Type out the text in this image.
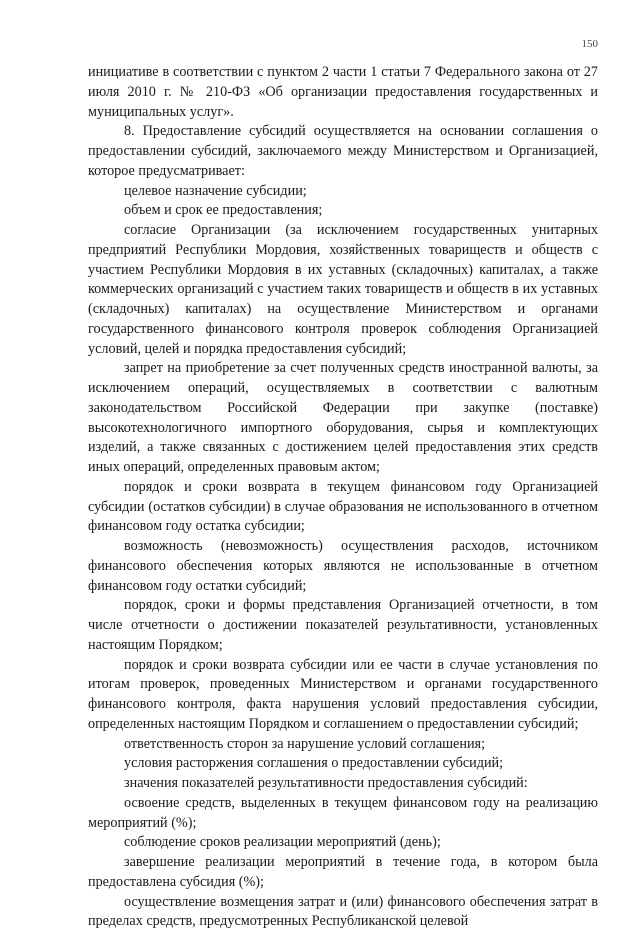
150

инициативе в соответствии с пунктом 2 части 1 статьи 7 Федерального закона от 27 июля 2010 г. № 210-ФЗ «Об организации предоставления государственных и муниципальных услуг».

8. Предоставление субсидий осуществляется на основании соглашения о предоставлении субсидий, заключаемого между Министерством и Организацией, которое предусматривает:

целевое назначение субсидии;

объем и срок ее предоставления;

согласие Организации (за исключением государственных унитарных предприятий Республики Мордовия, хозяйственных товариществ и обществ с участием Республики Мордовия в их уставных (складочных) капиталах, а также коммерческих организаций с участием таких товариществ и обществ в их уставных (складочных) капиталах) на осуществление Министерством и органами государственного финансового контроля проверок соблюдения Организацией условий, целей и порядка предоставления субсидий;

запрет на приобретение за счет полученных средств иностранной валюты, за исключением операций, осуществляемых в соответствии с валютным законодательством Российской Федерации при закупке (поставке) высокотехнологичного импортного оборудования, сырья и комплектующих изделий, а также связанных с достижением целей предоставления этих средств иных операций, определенных правовым актом;

порядок и сроки возврата в текущем финансовом году Организацией субсидии (остатков субсидии) в случае образования не использованного в отчетном финансовом году остатка субсидии;

возможность (невозможность) осуществления расходов, источником финансового обеспечения которых являются не использованные в отчетном финансовом году остатки субсидий;

порядок, сроки и формы представления Организацией отчетности, в том числе отчетности о достижении показателей результативности, установленных настоящим Порядком;

порядок и сроки возврата субсидии или ее части в случае установления по итогам проверок, проведенных Министерством и органами государственного финансового контроля, факта нарушения условий предоставления субсидии, определенных настоящим Порядком и соглашением о предоставлении субсидий;

ответственность сторон за нарушение условий соглашения;

условия расторжения соглашения о предоставлении субсидий;

значения показателей результативности предоставления субсидий:

освоение средств, выделенных в текущем финансовом году на реализацию мероприятий (%);

соблюдение сроков реализации мероприятий (день);

завершение реализации мероприятий в течение года, в котором была предоставлена субсидия (%);

осуществление возмещения затрат и (или) финансового обеспечения затрат в пределах средств, предусмотренных Республиканской целевой
